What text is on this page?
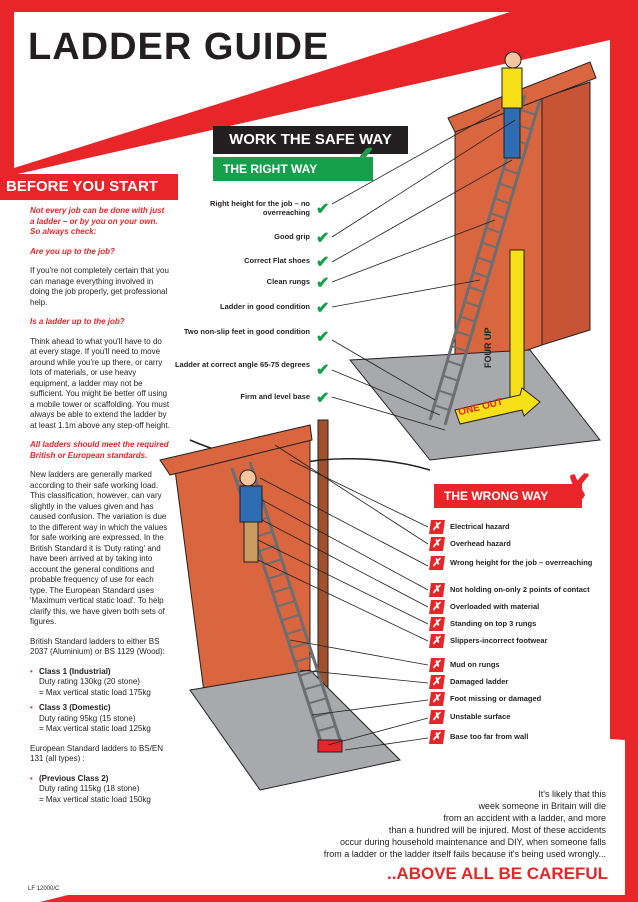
LADDER GUIDE
BEFORE YOU START

Not every job can be done with just a ladder – or by you on your own. So always check:

Are you up to the job?

If you're not completely certain that you can manage everything involved in doing the job properly, get professional help.

Is a ladder up to the job?

Think ahead to what you'll have to do at every stage. If you'll need to move around while you're up there, or carry lots of materials, or use heavy equipment, a ladder may not be sufficient. You might be better off using a mobile tower or scaffolding. You must always be able to extend the ladder by at least 1.1m above any step-off height.

All ladders should meet the required British or European standards.

New ladders are generally marked according to their safe working load. This classification, however, can vary slightly in the values given and has caused confusion. The variation is due to the different way in which the values for safe working are expressed. In the British Standard it is 'Duty rating' and have been arrived at by taking into account the general conditions and probable frequency of use for each type. The European Standard uses 'Maximum vertical static load'. To help clarify this, we have given both sets of figures.

British Standard ladders to either BS 2037 (Aluminium) or BS 1129 (Wood):

• Class 1 (Industrial)
Duty rating 130kg (20 stone)
= Max vertical static load 175kg
• Class 3 (Domestic)
Duty rating 95kg (15 stone)
= Max vertical static load 125kg

European Standard ladders to BS/EN 131 (all types) :

• (Previous Class 2)
Duty rating 115kg (18 stone)
= Max vertical static load 150kg
WORK THE SAFE WAY
THE RIGHT WAY ✓
Right height for the job – no overreaching ✔
Good grip ✔
Correct Flat shoes ✔
Clean rungs ✔
Ladder in good condition ✔
Two non-slip feet in good condition ✔
Ladder at correct angle 65-75 degrees ✔
Firm and level base ✔	ONE OUT
THE WRONG WAY ✗
Electrical hazard
✗
Overhead hazard
✗
Wrong height for the job – overreaching
✗
Not holding on-only 2 points of contact
✗
Overloaded with material
✗
Standing on top 3 rungs
✗
Slippers-incorrect footwear
✗
Mud on rungs
✗
Damaged ladder
✗
Foot missing or damaged
✗
Unstable surface
✗
Base too far from wall
✗
It's likely that this
week someone in Britain will die
from an accident with a ladder, and more
than a hundred will be injured. Most of these accidents
occur during household maintenance and DIY, when someone falls
from a ladder or the ladder itself fails because it's being used wrongly...
..ABOVE ALL BE CAREFUL
LF 12000/C
